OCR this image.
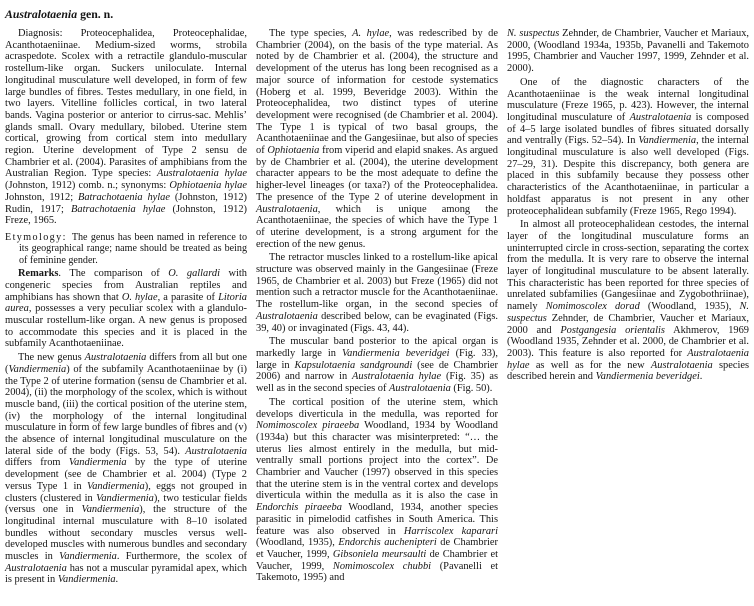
Australotaenia gen. n.

Diagnosis: Proteocephalidea, Proteocephalidae, Acanthotaeniinae. Medium-sized worms, strobila acraspedote. Scolex with a retractile glandulo-muscular rostellum-like organ. Suckers uniloculate. Internal longitudinal musculature well developed, in form of few large bundles of fibres. Testes medullary, in one field, in two layers. Vitelline follicles cortical, in two lateral bands. Vagina posterior or anterior to cirrus-sac. Mehlis’ glands small. Ovary medullary, bilobed. Uterine stem cortical, growing from cortical stem into medullary region. Uterine development of Type 2 sensu de Chambrier et al. (2004). Parasites of amphibians from the Australian Region. Type species: Australotaenia hylae (Johnston, 1912) comb. n.; synonyms: Ophiotaenia hylae Johnston, 1912; Batrachotaenia hylae (Johnston, 1912) Rudin, 1917; Batrachotaenia hylae (Johnston, 1912) Freze, 1965.

Etymology: The genus has been named in reference to its geographical range; name should be treated as being of feminine gender.

Remarks. The comparison of O. gallardi with congeneric species from Australian reptiles and amphibians has shown that O. hylae, a parasite of Litoria aurea, possesses a very peculiar scolex with a glandulo-muscular rostellum-like organ. A new genus is proposed to accommodate this species and it is placed in the subfamily Acanthotaeniinae.

The new genus Australotaenia differs from all but one (Vandiermenia) of the subfamily Acanthotaeniinae by (i) the Type 2 of uterine formation (sensu de Chambrier et al. 2004), (ii) the morphology of the scolex, which is without muscle band, (iii) the cortical position of the uterine stem, (iv) the morphology of the internal longitudinal musculature in form of few large bundles of fibres and (v) the absence of internal longitudinal musculature on the lateral side of the body (Figs. 53, 54). Australotaenia differs from Vandiermenia by the type of uterine development (see de Chambrier et al. 2004) (Type 2 versus Type 1 in Vandiermenia), eggs not grouped in clusters (clustered in Vandiermenia), two testicular fields (versus one in Vandiermenia), the structure of the longitudinal internal musculature with 8–10 isolated bundles without secondary muscles versus well-developed muscles with numerous bundles and secondary muscles in Vandiermenia. Furthermore, the scolex of Australotaenia has not a muscular pyramidal apex, which is present in Vandiermenia.

The type species, A. hylae, was redescribed by de Chambrier (2004), on the basis of the type material. As noted by de Chambrier et al. (2004), the structure and development of the uterus has long been recognised as a major source of information for cestode systematics (Hoberg et al. 1999, Beveridge 2003). Within the Proteocephalidea, two distinct types of uterine development were recognised (de Chambrier et al. 2004). The Type 1 is typical of two basal groups, the Acanthotaeniinae and the Gangesiinae, but also of species of Ophiotaenia from viperid and elapid snakes. As argued by de Chambrier et al. (2004), the uterine development character appears to be the most adequate to define the higher-level lineages (or taxa?) of the Proteocephalidea. The presence of the Type 2 of uterine development in Australotaenia, which is unique among the Acanthotaeniinae, the species of which have the Type 1 of uterine development, is a strong argument for the erection of the new genus.

The retractor muscles linked to a rostellum-like apical structure was observed mainly in the Gangesiinae (Freze 1965, de Chambrier et al. 2003) but Freze (1965) did not mention such a retractor muscle for the Acanthotaeniinae. The rostellum-like organ, in the second species of Australotaenia described below, can be evaginated (Figs. 39, 40) or invaginated (Figs. 43, 44).

The muscular band posterior to the apical organ is markedly large in Vandiermenia beveridgei (Fig. 33), large in Kapsulotaenia sandgroundi (see de Chambrier 2006) and narrow in Australotaenia hylae (Fig. 35) as well as in the second species of Australotaenia (Fig. 50).

The cortical position of the uterine stem, which develops diverticula in the medulla, was reported for Nomimoscolex piraeeba Woodland, 1934 by Woodland (1934a) but this character was misinterpreted: “… the uterus lies almost entirely in the medulla, but mid-ventrally small portions project into the cortex”. De Chambrier and Vaucher (1997) observed in this species that the uterine stem is in the ventral cortex and develops diverticula within the medulla as it is also the case in Endorchis piraeeba Woodland, 1934, another species parasitic in pimelodid catfishes in South America. This feature was also observed in Harriscolex kaparari (Woodland, 1935), Endorchis auchenipteri de Chambrier et Vaucher, 1999, Gibsoniela meursaulti de Chambrier et Vaucher, 1999, Nomimoscolex chubbi (Pavanelli et Takemoto, 1995) and

N. suspectus Zehnder, de Chambrier, Vaucher et Mariaux, 2000, (Woodland 1934a, 1935b, Pavanelli and Takemoto 1995, Chambrier and Vaucher 1997, 1999, Zehnder et al. 2000).

One of the diagnostic characters of the Acanthotaeniinae is the weak internal longitudinal musculature (Freze 1965, p. 423). However, the internal longitudinal musculature of Australotaenia is composed of 4–5 large isolated bundles of fibres situated dorsally and ventrally (Figs. 52–54). In Vandiermenia, the internal longitudinal musculature is also well developed (Figs. 27–29, 31). Despite this discrepancy, both genera are placed in this subfamily because they possess other characteristics of the Acanthotaeniinae, in particular a holdfast apparatus is not present in any other proteocephalidean subfamily (Freze 1965, Rego 1994).

In almost all proteocephalidean cestodes, the internal layer of the longitudinal musculature forms an uninterrupted circle in cross-section, separating the cortex from the medulla. It is very rare to observe the internal layer of longitudinal musculature to be absent laterally. This characteristic has been reported for three species of unrelated subfamilies (Gangesiinae and Zygobothriinae), namely Nomimoscolex dorad (Woodland, 1935), N. suspectus Zehnder, de Chambrier, Vaucher et Mariaux, 2000 and Postgangesia orientalis Akhmerov, 1969 (Woodland 1935, Zehnder et al. 2000, de Chambrier et al. 2003). This feature is also reported for Australotaenia hylae as well as for the new Australotaenia species described herein and Vandiermenia beveridgei.
